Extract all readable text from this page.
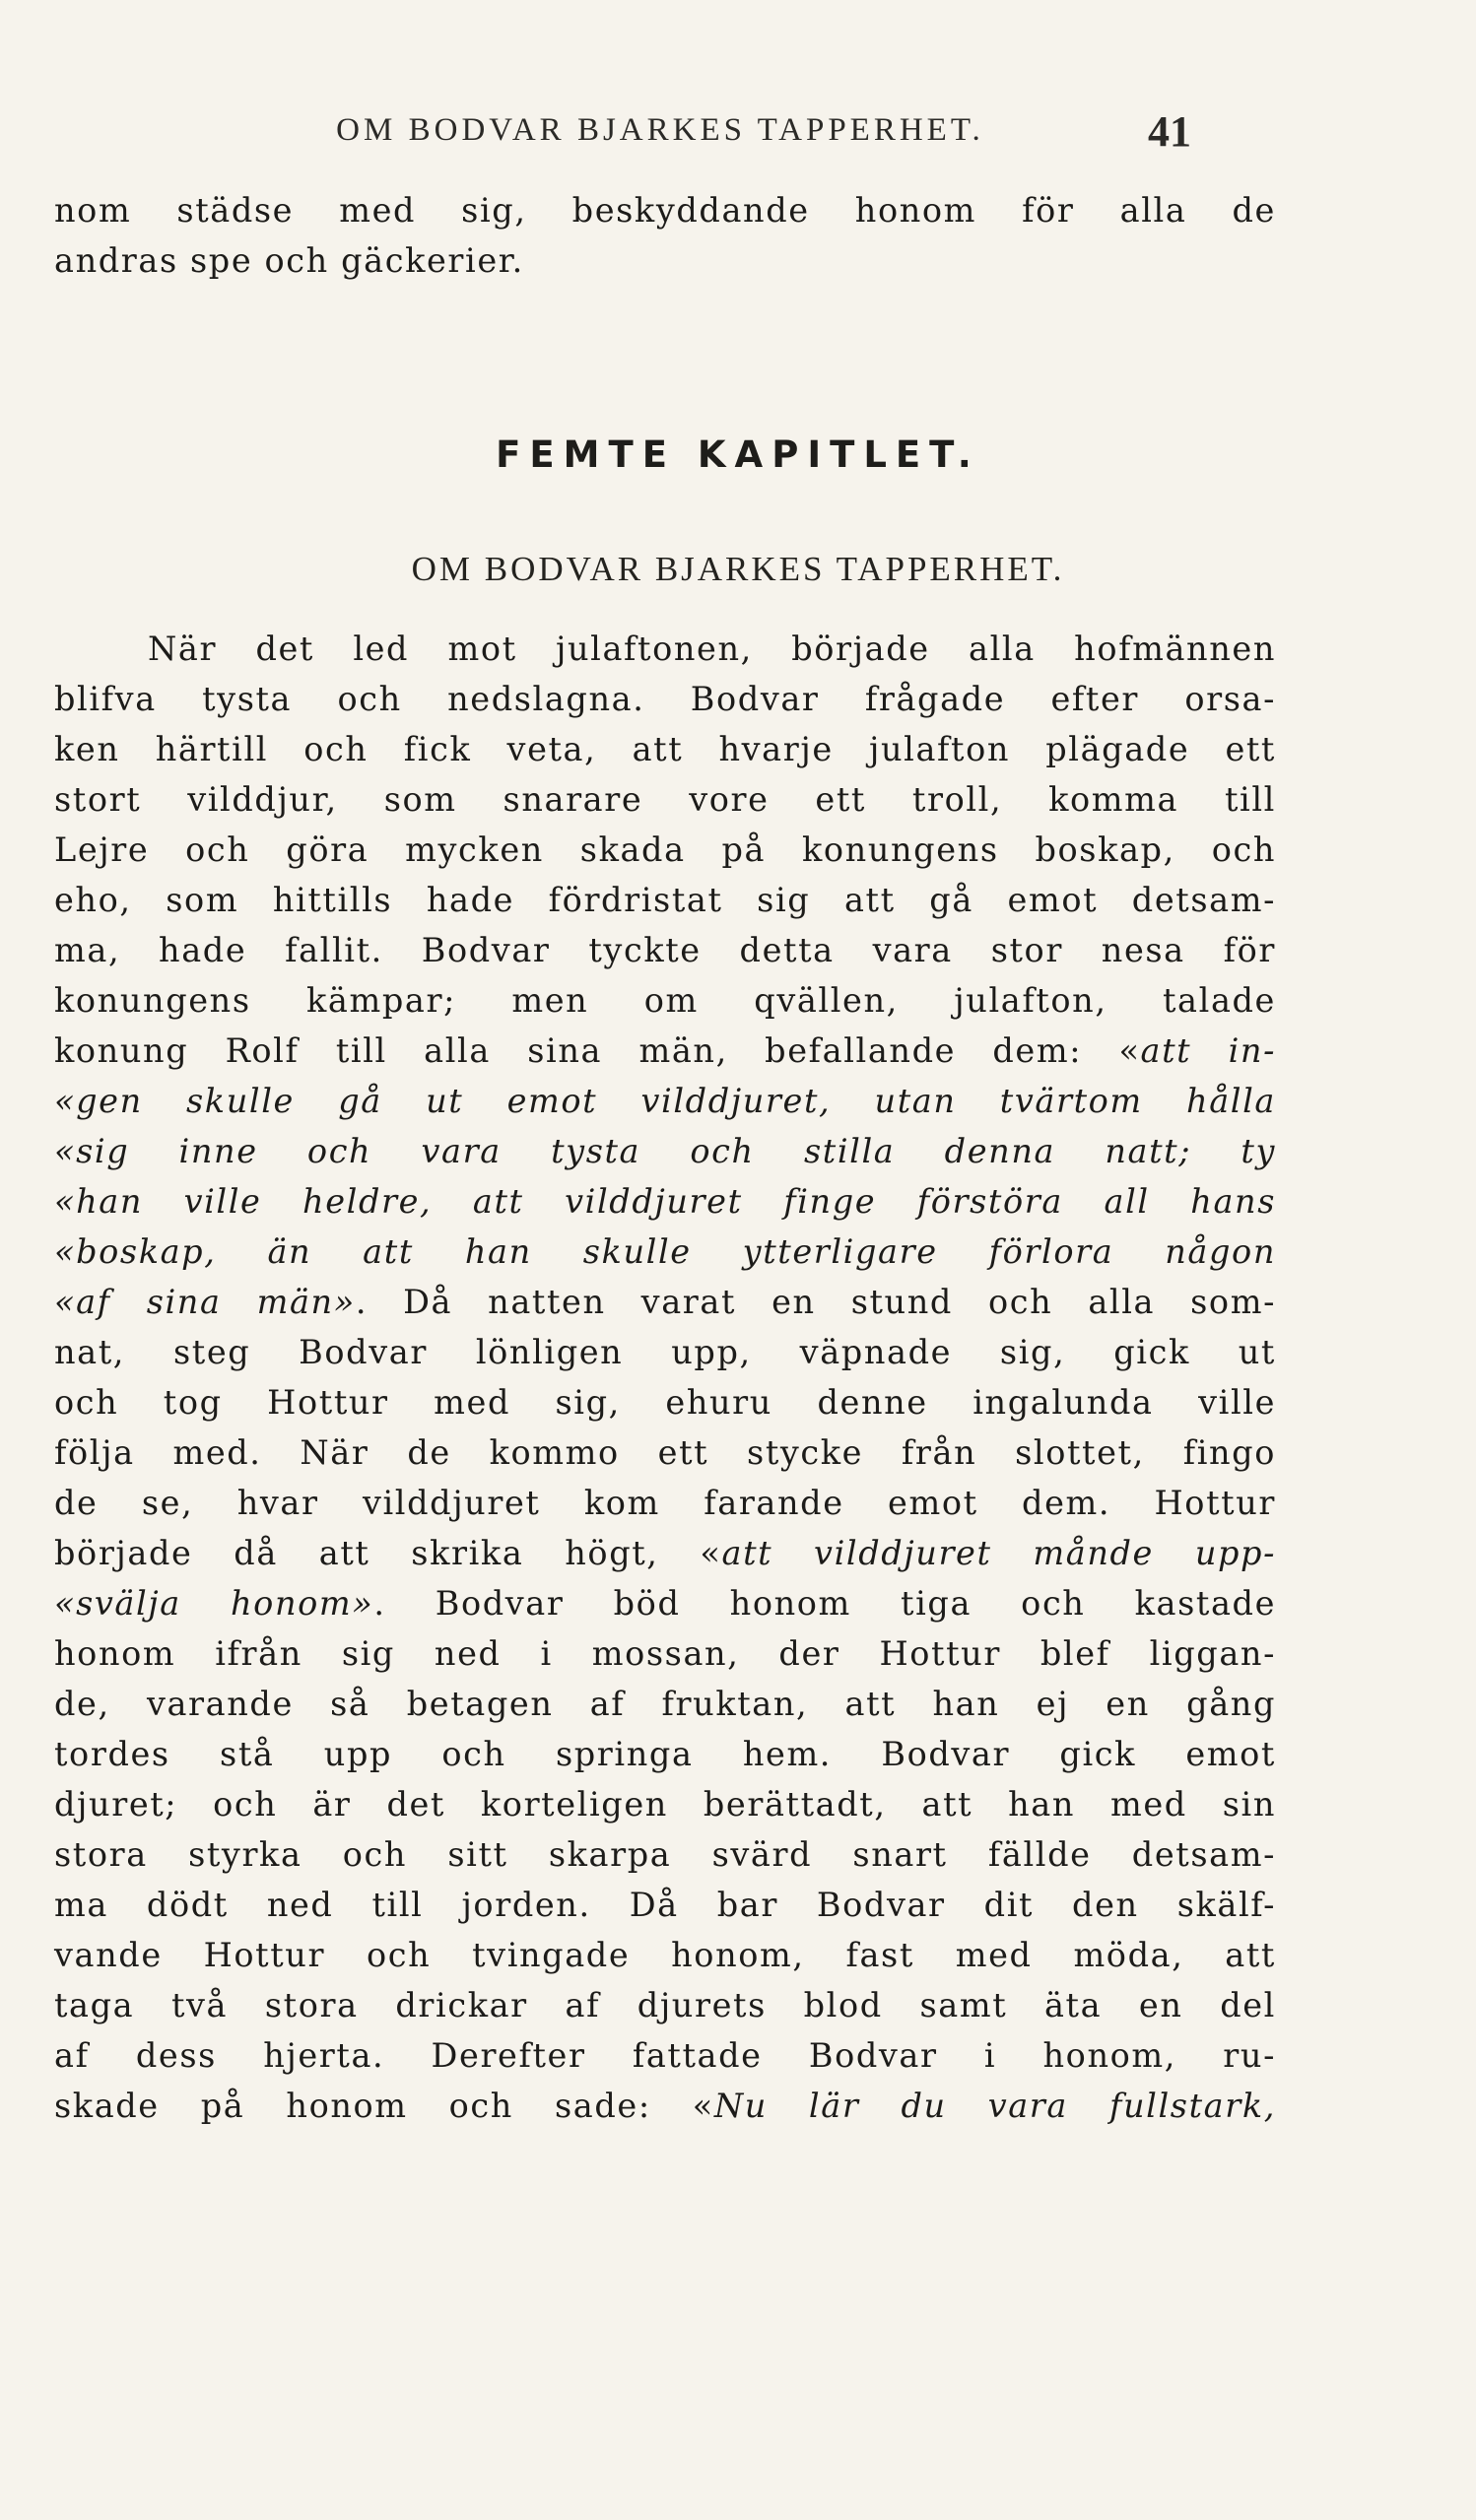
OM BODVAR BJARKES TAPPERHET.	41
nom städse med sig, beskyddande honom för alla de
andras spe och gäckerier.
FEMTE KAPITLET.
OM BODVAR BJARKES TAPPERHET.
När det led mot julaftonen, började alla hofmännen
blifva tysta och nedslagna. Bodvar frågade efter orsa-
ken härtill och fick veta, att hvarje julafton plägade ett
stort vilddjur, som snarare vore ett troll, komma till
Lejre och göra mycken skada på konungens boskap, och
eho, som hittills hade fördristat sig att gå emot detsam-
ma, hade fallit. Bodvar tyckte detta vara stor nesa för
konungens kämpar; men om qvällen, julafton, talade
konung Rolf till alla sina män, befallande dem: «att in-
«gen skulle gå ut emot vilddjuret, utan tvärtom hålla
«sig inne och vara tysta och stilla denna natt; ty
«han ville heldre, att vilddjuret finge förstöra all hans
«boskap, än att han skulle ytterligare förlora någon
«af sina män». Då natten varat en stund och alla som-
nat, steg Bodvar lönligen upp, väpnade sig, gick ut
och tog Hottur med sig, ehuru denne ingalunda ville
följa med. När de kommo ett stycke från slottet, fingo
de se, hvar vilddjuret kom farande emot dem. Hottur
började då att skrika högt, «att vilddjuret månde upp-
«svälja honom». Bodvar böd honom tiga och kastade
honom ifrån sig ned i mossan, der Hottur blef liggan-
de, varande så betagen af fruktan, att han ej en gång
tordes stå upp och springa hem. Bodvar gick emot
djuret; och är det korteligen berättadt, att han med sin
stora styrka och sitt skarpa svärd snart fällde detsam-
ma dödt ned till jorden. Då bar Bodvar dit den skälf-
vande Hottur och tvingade honom, fast med möda, att
taga två stora drickar af djurets blod samt äta en del
af dess hjerta. Derefter fattade Bodvar i honom, ru-
skade på honom och sade: «Nu lär du vara fullstark,
